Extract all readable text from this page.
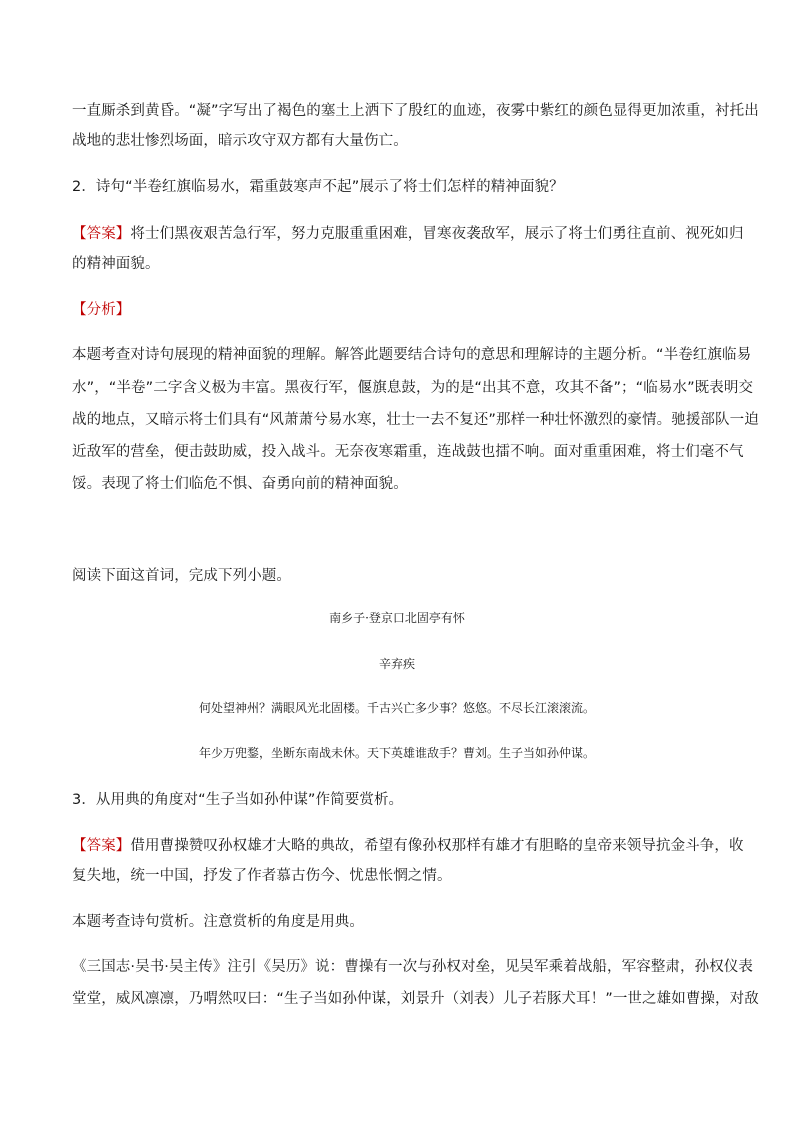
一直厮杀到黄昏。“凝”字写出了褐色的塞土上洒下了殷红的血迹，夜雾中紫红的颜色显得更加浓重，衬托出
战地的悲壮惨烈场面，暗示攻守双方都有大量伤亡。
2．诗句“半卷红旗临易水，霜重鼓寒声不起”展示了将士们怎样的精神面貌？
【答案】将士们黑夜艰苦急行军，努力克服重重困难，冒寒夜袭敌军，展示了将士们勇往直前、视死如归
的精神面貌。
【分析】
本题考查对诗句展现的精神面貌的理解。解答此题要结合诗句的意思和理解诗的主题分析。“半卷红旗临易
水”，“半卷”二字含义极为丰富。黑夜行军，偃旗息鼓，为的是“出其不意，攻其不备”；“临易水”既表明交
战的地点，又暗示将士们具有“风萧萧兮易水寒，壮士一去不复还”那样一种壮怀激烈的豪情。驰援部队一迫
近敌军的营垒，便击鼓助威，投入战斗。无奈夜寒霜重，连战鼓也擂不响。面对重重困难，将士们毫不气
馁。表现了将士们临危不惧、奋勇向前的精神面貌。
阅读下面这首词，完成下列小题。
南乡子·登京口北固亭有怀
辛弃疾
何处望神州？满眼风光北固楼。千古兴亡多少事？悠悠。不尽长江滚滚流。
年少万兜鍪，坐断东南战未休。天下英雄谁敌手？曹刘。生子当如孙仲谋。
3．从用典的角度对“生子当如孙仲谋”作简要赏析。
【答案】借用曹操赞叹孙权雄才大略的典故，希望有像孙权那样有雄才有胆略的皇帝来领导抗金斗争，收
复失地，统一中国，抒发了作者慕古伤今、忧患怅惘之情。
本题考查诗句赏析。注意赏析的角度是用典。
《三国志·吴书·吴主传》注引《吴历》说：曹操有一次与孙权对垒，见吴军乘着战船，军容整肃，孙权仪表
堂堂，威风凛凛，乃喟然叹曰：“生子当如孙仲谋，刘景升（刘表）儿子若豚犬耳！”一世之雄如曹操，对敌
